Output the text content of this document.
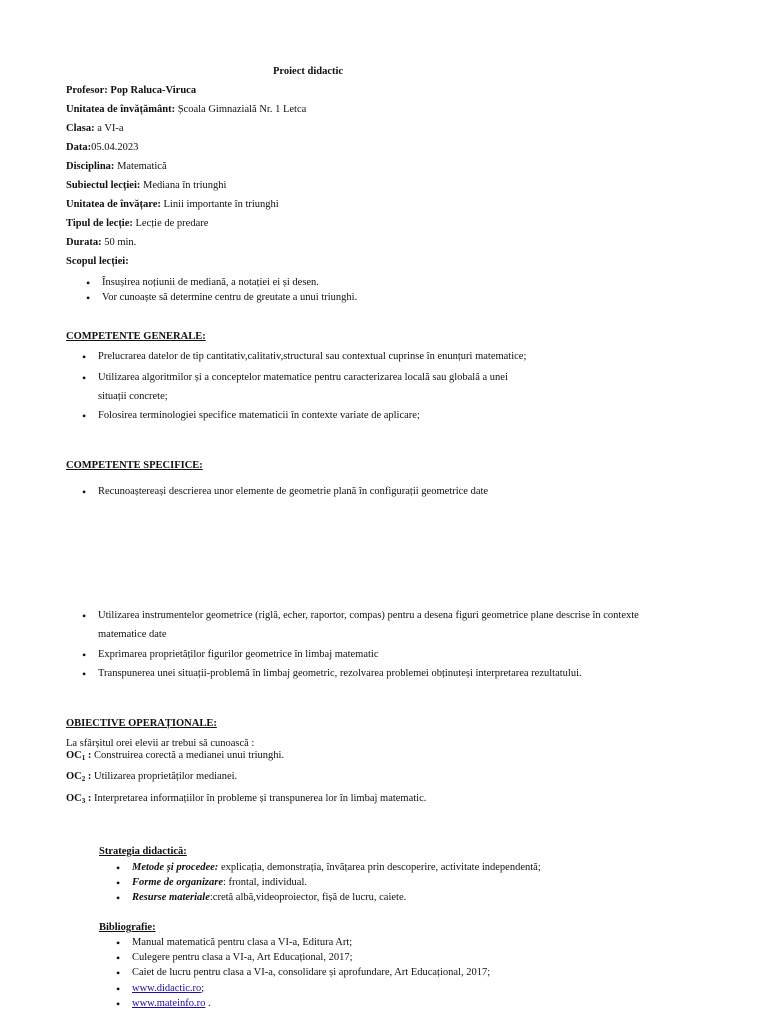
Proiect didactic
Profesor: Pop Raluca-Viruca
Unitatea de învățământ: Școala Gimnazială Nr. 1 Letca
Clasa: a VI-a
Data:05.04.2023
Disciplina: Matematică
Subiectul lecției: Mediana în triunghi
Unitatea de învățare: Linii importante în triunghi
Tipul de lecție: Lecție de predare
Durata: 50 min.
Scopul lecției:
• Însușirea noțiunii de mediană, a notației ei și desen.
• Vor cunoaște să determine centru de greutate a unui triunghi.
COMPETENTE GENERALE:
• Prelucrarea datelor de tip cantitativ,calitativ,structural sau contextual cuprinse în enunțuri matematice;
• Utilizarea algoritmilor și a conceptelor matematice pentru caracterizarea locală sau globală a unei
situații concrete;
• Folosirea terminologiei specifice matematicii în contexte variate de aplicare;
COMPETENTE SPECIFICE:
• Recunoaștereași descrierea unor elemente de geometrie plană în configurații geometrice date
• Utilizarea instrumentelor geometrice (riglă, echer, raportor, compas) pentru a desena figuri geometrice plane descrise în contexte
matematice date
• Exprimarea proprietăților figurilor geometrice în limbaj matematic
• Transpunerea unei situații-problemă în limbaj geometric, rezolvarea problemei obținuteși interpretarea rezultatului.
OBIECTIVE OPERAȚIONALE:
La sfârșitul orei elevii ar trebui să cunoască :
$OC_1$ : Construirea corectă a medianei unui triunghi.
$OC_2$ : Utilizarea proprietăților medianei.
$OC_3$ : Interpretarea informațiilor în probleme și transpunerea lor în limbaj matematic.
Strategia didactică:
• Metode și procedee: explicația, demonstrația, învățarea prin descoperire, activitate independentă;
• Forme de organizare: frontal, individual.
• Resurse materiale:cretă albă,videoproiector, fișă de lucru, caiete.
Bibliografie:
• Manual matematică pentru clasa a VI-a, Editura Art;
• Culegere pentru clasa a VI-a, Art Educațional, 2017;
• Caiet de lucru pentru clasa a VI-a, consolidare și aprofundare, Art Educațional, 2017;
• www.didactic.ro;
• www.mateinfo.ro .
